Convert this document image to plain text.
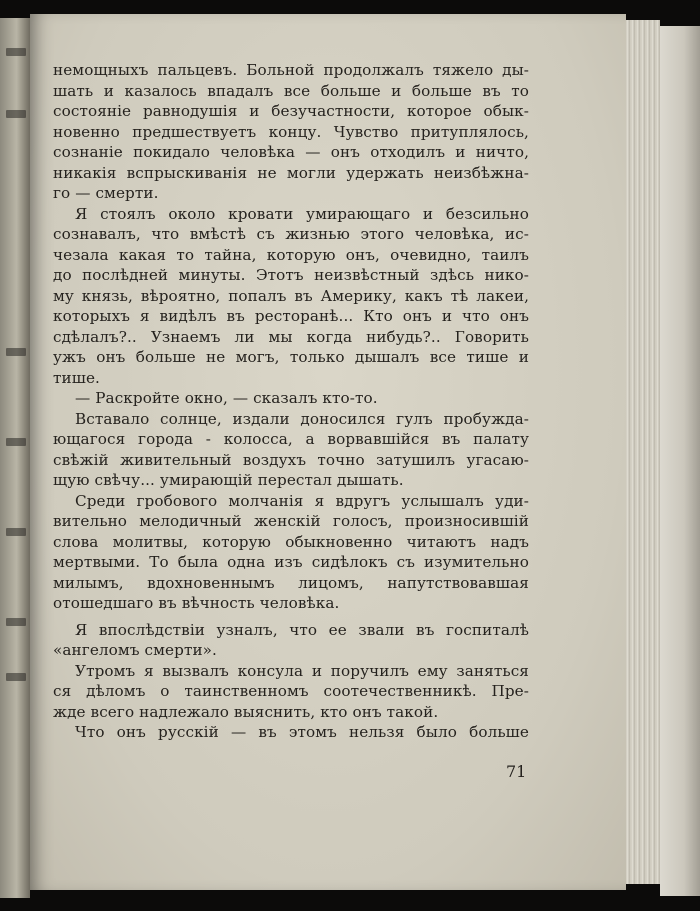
немощныхъ пальцевъ. Больной продолжалъ тяжело ды-
шать и казалось впадалъ все больше и больше въ то
состояніе равнодушія и безучастности, которое обык-
новенно предшествуетъ концу. Чувство притуплялось,
сознаніе покидало человѣка — онъ отходилъ и ничто,
никакія вспрыскиванія не могли удержать неизбѣжна-
го — смерти.
Я стоялъ около кровати умирающаго и безсильно
сознавалъ, что вмѣстѣ съ жизнью этого человѣка, ис-
чезала какая то тайна, которую онъ, очевидно, таилъ
до послѣдней минуты. Этотъ неизвѣстный здѣсь нико-
му князь, вѣроятно, попалъ въ Америку, какъ тѣ лакеи,
которыхъ я видѣлъ въ ресторанѣ... Кто онъ и что онъ
сдѣлалъ?.. Узнаемъ ли мы когда нибудь?.. Говорить
ужъ онъ больше не могъ, только дышалъ все тише и
тише.
— Раскройте окно, — сказалъ кто-то.
Вставало солнце, издали доносился гулъ пробужда-
ющагося города - колосса, а ворвавшійся въ палату
свѣжій живительный воздухъ точно затушилъ угасаю-
щую свѣчу... умирающій перестал дышать.
Среди гробового молчанія я вдругъ услышалъ уди-
вительно мелодичный женскій голосъ, произносившій
слова молитвы, которую обыкновенно читаютъ надъ
мертвыми. То была одна изъ сидѣлокъ съ изумительно
милымъ, вдохновеннымъ лицомъ, напутствовавшая
отошедшаго въ вѣчность человѣка.
Я впослѣдствіи узналъ, что ее звали въ госпиталѣ
«ангеломъ смерти».
Утромъ я вызвалъ консула и поручилъ ему заняться
ся дѣломъ о таинственномъ соотечественникѣ. Пре-
жде всего надлежало выяснить, кто онъ такой.
Что онъ русскій — въ этомъ нельзя было больше
71
